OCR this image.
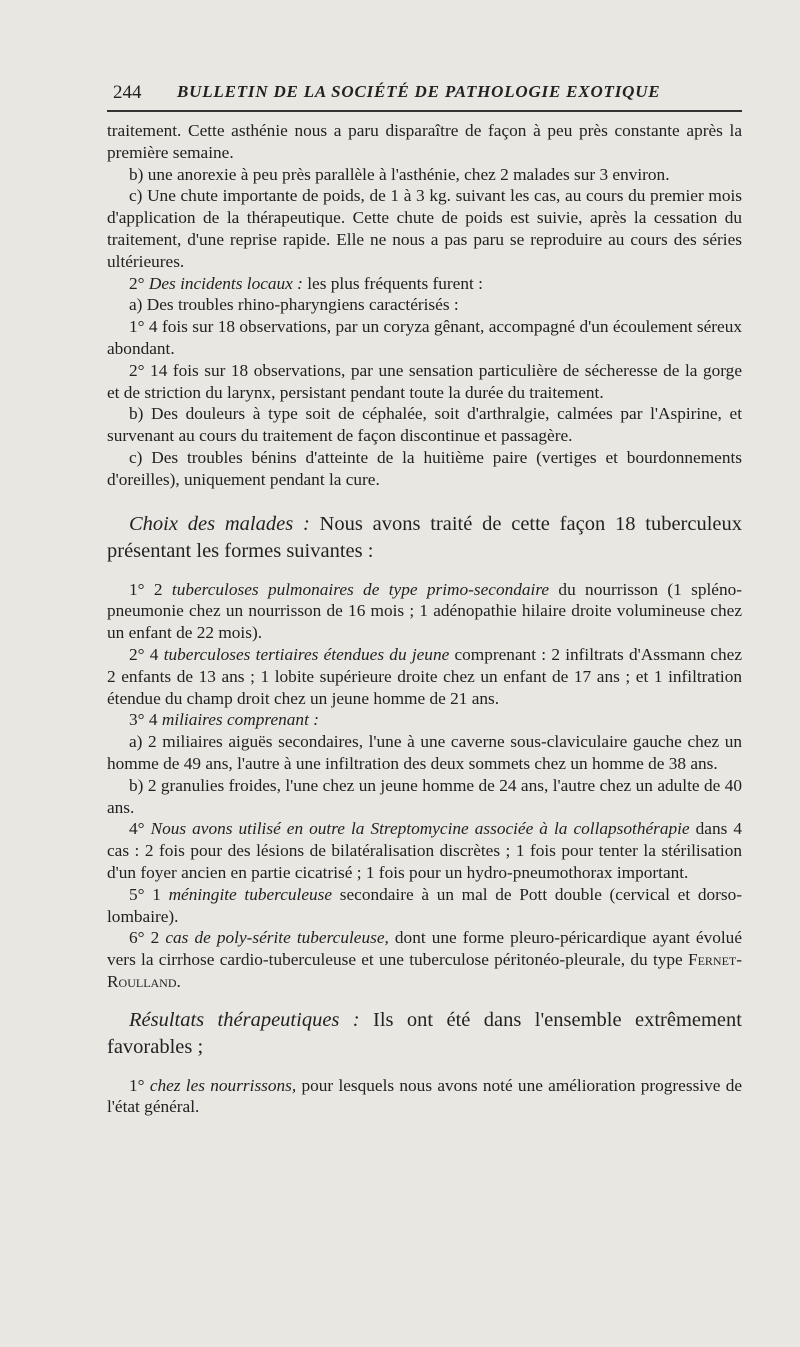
244 BULLETIN DE LA SOCIÉTÉ DE PATHOLOGIE EXOTIQUE

traitement. Cette asthénie nous a paru disparaître de façon à peu près constante après la première semaine.

b) une anorexie à peu près parallèle à l'asthénie, chez 2 malades sur 3 environ.

c) Une chute importante de poids, de 1 à 3 kg. suivant les cas, au cours du premier mois d'application de la thérapeutique. Cette chute de poids est suivie, après la cessation du traitement, d'une reprise rapide. Elle ne nous a pas paru se reproduire au cours des séries ultérieures.

2° Des incidents locaux : les plus fréquents furent :

a) Des troubles rhino-pharyngiens caractérisés :

1° 4 fois sur 18 observations, par un coryza gênant, accompagné d'un écoulement séreux abondant.

2° 14 fois sur 18 observations, par une sensation particulière de sécheresse de la gorge et de striction du larynx, persistant pendant toute la durée du traitement.

b) Des douleurs à type soit de céphalée, soit d'arthralgie, calmées par l'Aspirine, et survenant au cours du traitement de façon discontinue et passagère.

c) Des troubles bénins d'atteinte de la huitième paire (vertiges et bourdonnements d'oreilles), uniquement pendant la cure.

Choix des malades : Nous avons traité de cette façon 18 tuberculeux présentant les formes suivantes :

1° 2 tuberculoses pulmonaires de type primo-secondaire du nourrisson (1 spléno-pneumonie chez un nourrisson de 16 mois ; 1 adénopathie hilaire droite volumineuse chez un enfant de 22 mois).

2° 4 tuberculoses tertiaires étendues du jeune comprenant : 2 infiltrats d'Assmann chez 2 enfants de 13 ans ; 1 lobite supérieure droite chez un enfant de 17 ans ; et 1 infiltration étendue du champ droit chez un jeune homme de 21 ans.

3° 4 miliaires comprenant :

a) 2 miliaires aiguës secondaires, l'une à une caverne sous-claviculaire gauche chez un homme de 49 ans, l'autre à une infiltration des deux sommets chez un homme de 38 ans.

b) 2 granulies froides, l'une chez un jeune homme de 24 ans, l'autre chez un adulte de 40 ans.

4° Nous avons utilisé en outre la Streptomycine associée à la collapsothérapie dans 4 cas : 2 fois pour des lésions de bilatéralisation discrètes ; 1 fois pour tenter la stérilisation d'un foyer ancien en partie cicatrisé ; 1 fois pour un hydro-pneumothorax important.

5° 1 méningite tuberculeuse secondaire à un mal de Pott double (cervical et dorso-lombaire).

6° 2 cas de poly-sérite tuberculeuse, dont une forme pleuro-péricardique ayant évolué vers la cirrhose cardio-tuberculeuse et une tuberculose péritonéo-pleurale, du type Fernet-Roulland.

Résultats thérapeutiques : Ils ont été dans l'ensemble extrêmement favorables ;

1° chez les nourrissons, pour lesquels nous avons noté une amélioration progressive de l'état général.
